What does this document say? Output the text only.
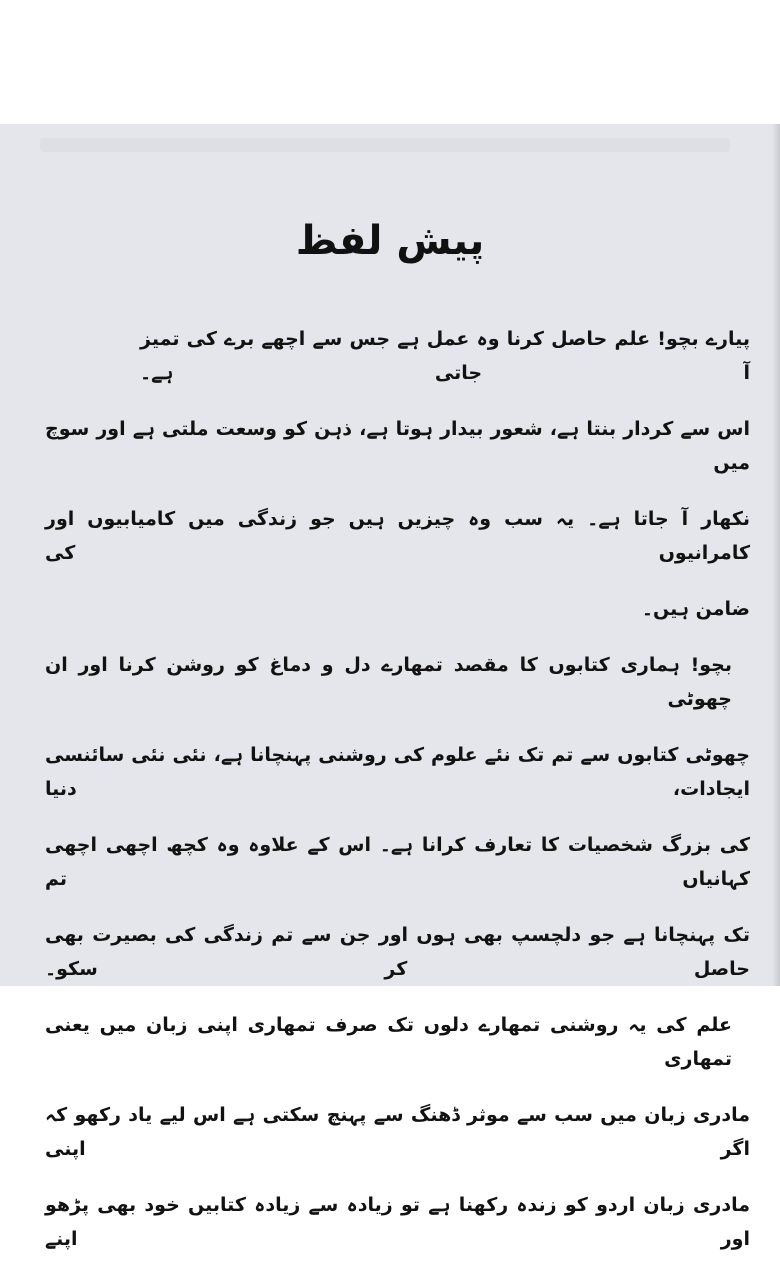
پیش لفظ
پیارے بچو! علم حاصل کرنا وہ عمل ہے جس سے اچھے برے کی تمیز آ جاتی ہے۔
اس سے کردار بنتا ہے، شعور بیدار ہوتا ہے، ذہن کو وسعت ملتی ہے اور سوچ میں
نکھار آ جاتا ہے۔ یہ سب وہ چیزیں ہیں جو زندگی میں کامیابیوں اور کامرانیوں کی
ضامن ہیں۔
بچو! ہماری کتابوں کا مقصد تمھارے دل و دماغ کو روشن کرنا اور ان چھوٹی
چھوٹی کتابوں سے تم تک نئے علوم کی روشنی پہنچانا ہے، نئی نئی سائنسی ایجادات، دنیا
کی بزرگ شخصیات کا تعارف کرانا ہے۔ اس کے علاوہ وہ کچھ اچھی اچھی کہانیاں تم
تک پہنچانا ہے جو دلچسپ بھی ہوں اور جن سے تم زندگی کی بصیرت بھی حاصل کر سکو۔
علم کی یہ روشنی تمھارے دلوں تک صرف تمھاری اپنی زبان میں یعنی تمھاری
مادری زبان میں سب سے موثر ڈھنگ سے پہنچ سکتی ہے اس لیے یاد رکھو کہ اگر اپنی
مادری زبان اردو کو زندہ رکھنا ہے تو زیادہ سے زیادہ کتابیں خود بھی پڑھو اور اپنے
